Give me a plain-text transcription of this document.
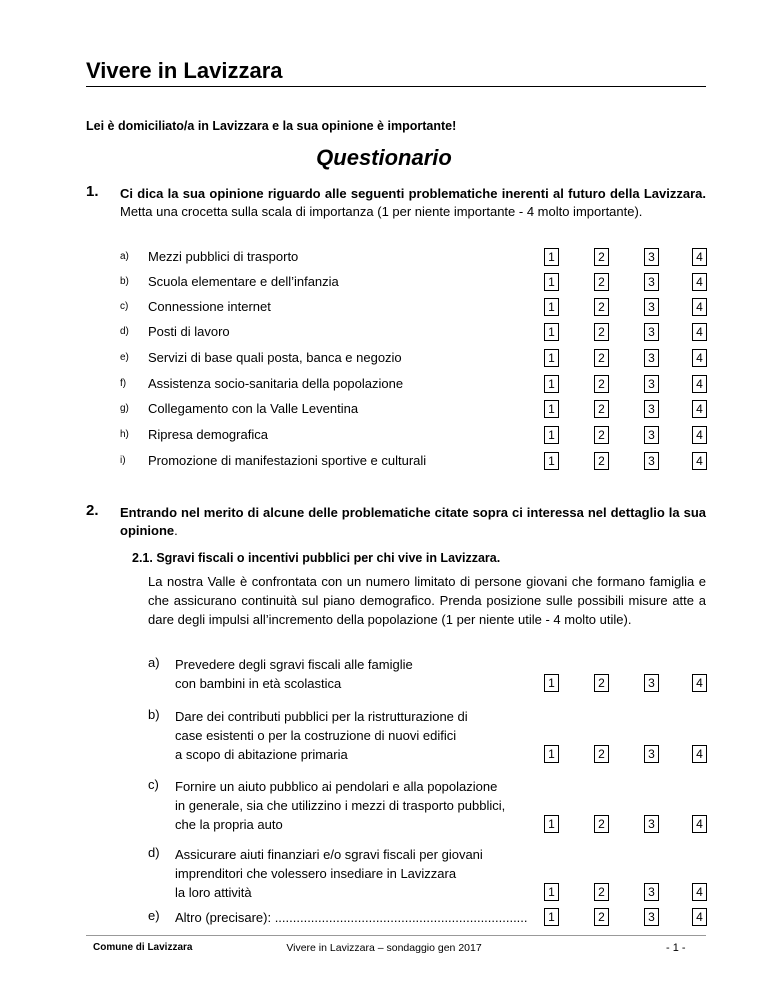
Vivere in Lavizzara
Lei è domiciliato/a in Lavizzara e la sua opinione è importante!
Questionario
1. Ci dica la sua opinione riguardo alle seguenti problematiche inerenti al futuro della Lavizzara. Metta una crocetta sulla scala di importanza (1 per niente importante - 4 molto importante).
a) Mezzi pubblici di trasporto	1	2	3	4
b) Scuola elementare e dell’infanzia	1	2	3	4
c) Connessione internet	1	2	3	4
d) Posti di lavoro	1	2	3	4
e) Servizi di base quali posta, banca e negozio	1	2	3	4
f) Assistenza socio-sanitaria della popolazione	1	2	3	4
g) Collegamento con la Valle Leventina	1	2	3	4
h) Ripresa demografica	1	2	3	4
i) Promozione di manifestazioni sportive e culturali	1	2	3	4
2. Entrando nel merito di alcune delle problematiche citate sopra ci interessa nel dettaglio la sua opinione.
2.1. Sgravi fiscali o incentivi pubblici per chi vive in Lavizzara.
La nostra Valle è confrontata con un numero limitato di persone giovani che formano famiglia e che assicurano continuità sul piano demografico. Prenda posizione sulle possibili misure atte a dare degli impulsi all’incremento della popolazione (1 per niente utile - 4 molto utile).
a) Prevedere degli sgravi fiscali alle famiglie
con bambini in età scolastica	1	2	3	4
b) Dare dei contributi pubblici per la ristrutturazione di
case esistenti o per la costruzione di nuovi edifici
a scopo di abitazione primaria	1	2	3	4
c) Fornire un aiuto pubblico ai pendolari e alla popolazione
in generale, sia che utilizzino i mezzi di trasporto pubblici,
che la propria auto	1	2	3	4
d) Assicurare aiuti finanziari e/o sgravi fiscali per giovani
imprenditori che volessero insediare in Lavizzara
la loro attività	1	2	3	4
e) Altro (precisare): ......................................................................	1	2	3	4
Comune di Lavizzara	Vivere in Lavizzara – sondaggio gen 2017	- 1 -
